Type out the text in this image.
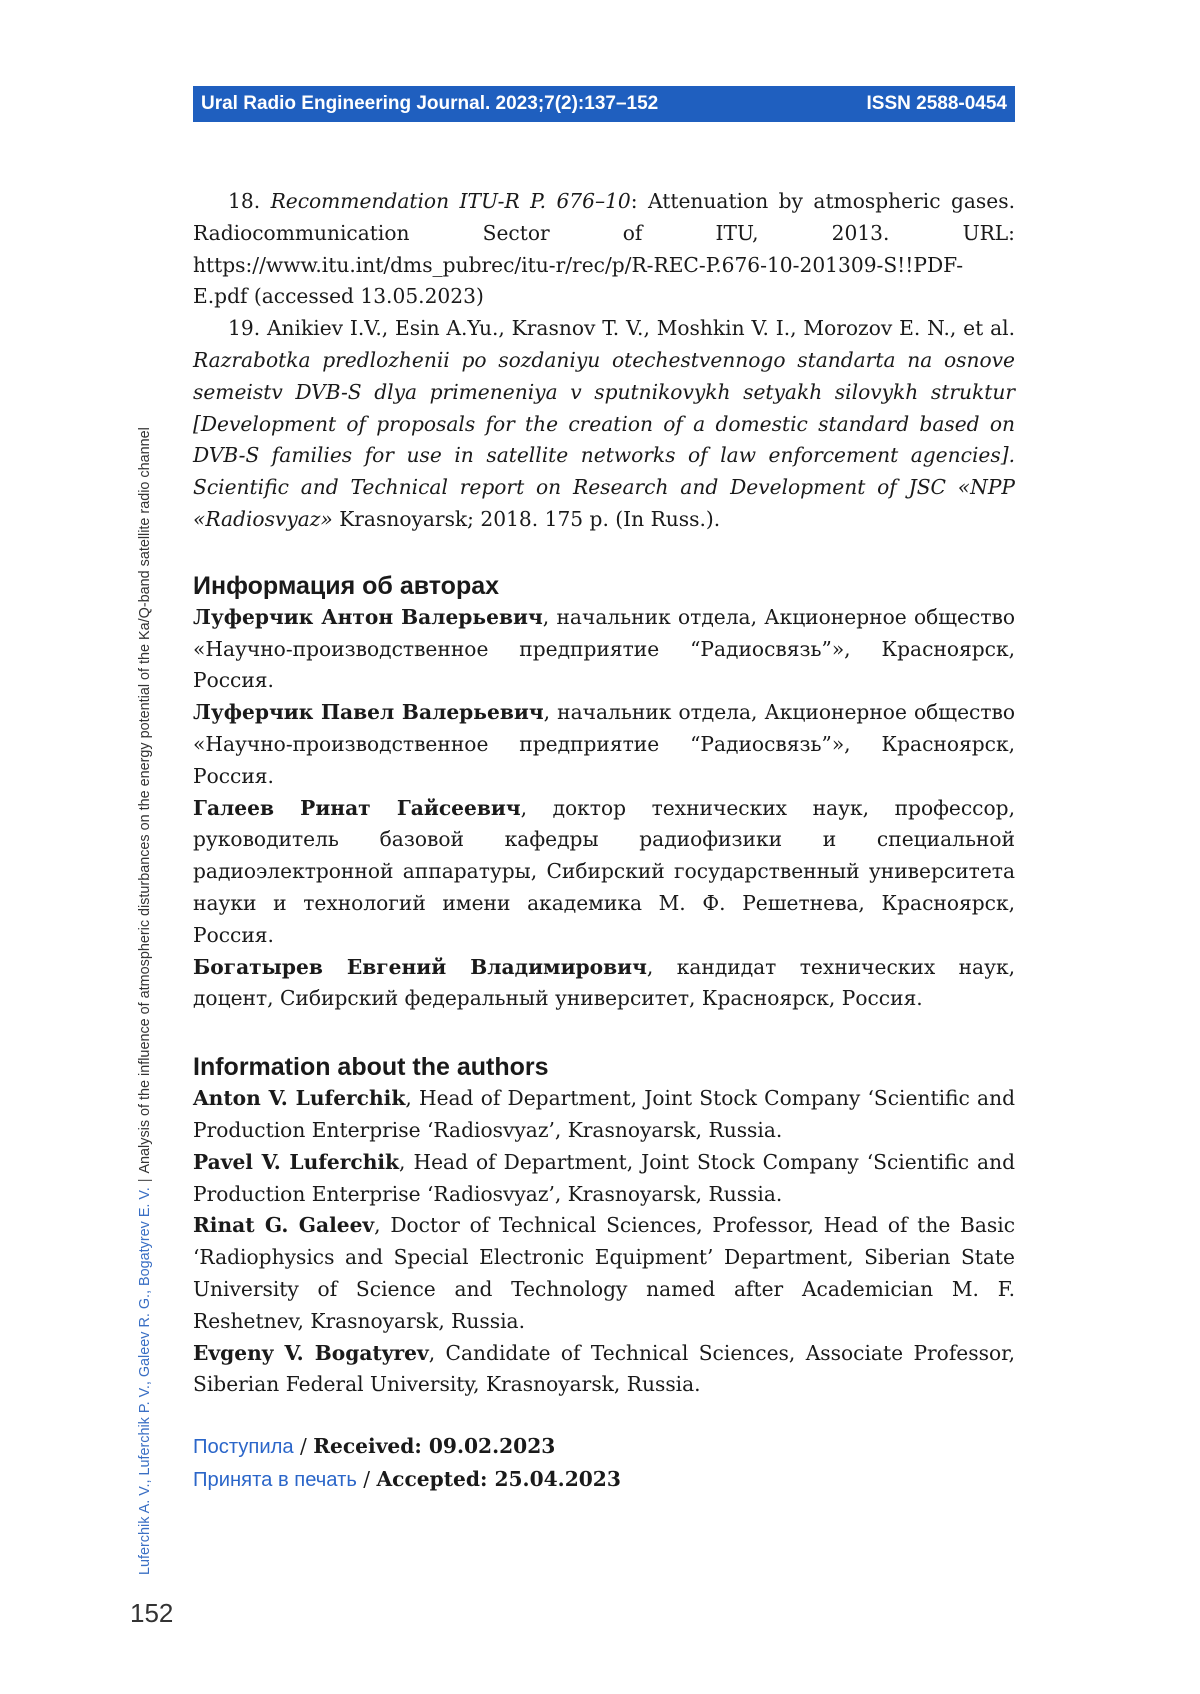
Ural Radio Engineering Journal. 2023;7(2):137–152	ISSN 2588-0454
Luferchik A. V., Luferchik P. V., Galeev R. G., Bogatyrev E. V.|Analysis of the influence of atmospheric disturbances on the energy potential of the Ka/Q-band satellite radio channel
152

18. Recommendation ITU-R P. 676–10: Attenuation by atmospheric gases. Radiocommunication Sector of ITU, 2013. URL: https://www.itu.int/dms_pubrec/itu-r/rec/p/R-REC-P.676-10-201309-S!!PDF-E.pdf (accessed 13.05.2023)

19. Anikiev I.V., Esin A.Yu., Krasnov T. V., Moshkin V. I., Morozov E. N., et al. Razrabotka predlozhenii po sozdaniyu otechestvennogo standarta na osnove semeistv DVB-S dlya primeneniya v sputnikovykh setyakh silovykh struktur [Development of proposals for the creation of a domestic standard based on DVB-S families for use in satellite networks of law enforcement agencies]. Scientific and Technical report on Research and Development of JSC «NPP «Radiosvyaz» Krasnoyarsk; 2018. 175 p. (In Russ.).

Информация об авторах

Луферчик Антон Валерьевич, начальник отдела, Акционерное общество «Научно-производственное предприятие “Радиосвязь”», Красноярск, Россия.

Луферчик Павел Валерьевич, начальник отдела, Акционерное общество «Научно-производственное предприятие “Радиосвязь”», Красноярск, Россия.

Галеев Ринат Гайсеевич, доктор технических наук, профессор, руководитель базовой кафедры радиофизики и специальной радиоэлектронной аппаратуры, Сибирский государственный университета науки и технологий имени академика М. Ф. Решетнева, Красноярск, Россия.

Богатырев Евгений Владимирович, кандидат технических наук, доцент, Сибирский федеральный университет, Красноярск, Россия.

Information about the authors

Anton V. Luferchik, Head of Department, Joint Stock Company ‘Scientific and Production Enterprise ‘Radiosvyaz’, Krasnoyarsk, Russia.

Pavel V. Luferchik, Head of Department, Joint Stock Company ‘Scientific and Production Enterprise ‘Radiosvyaz’, Krasnoyarsk, Russia.

Rinat G. Galeev, Doctor of Technical Sciences, Professor, Head of the Basic ‘Radiophysics and Special Electronic Equipment’ Department, Siberian State University of Science and Technology named after Academician M. F. Reshetnev, Krasnoyarsk, Russia.

Evgeny V. Bogatyrev, Candidate of Technical Sciences, Associate Professor, Siberian Federal University, Krasnoyarsk, Russia.

Поступила / Received: 09.02.2023

Принята в печать / Accepted: 25.04.2023
